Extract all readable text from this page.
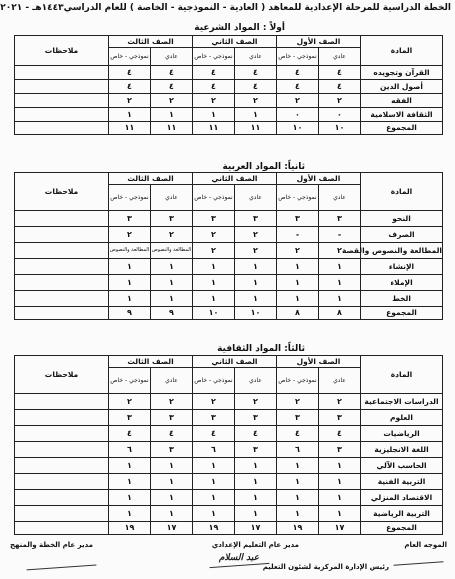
الخطة الدراسية للمرحلة الإعدادية للمعاهد ( العادية - النموذجية - الخاصة ) للعام الدراسي١٤٤٣هـ - ٢٠٢١
أولاً : المواد الشرعية
المادة	الصف الأول		الصف الثاني		الصف الثالث		ملاحظات
	عادي	نموذجي - خاص	عادي	نموذجي - خاص	عادي	نموذجي - خاص	
القرآن وتجويده	٤	٤	٤	٤	٤	٤	
أصول الدين	٤	٤	٤	٤	٤	٤	
الفقه	٢	٢	٢	٢	٢	٢	
الثقافة الاسلامية	٠	٠	١	١	١	١	
المجموع	١٠	١٠	١١	١١	١١	١١	
ثانياً: المواد العربية
المادة	الصف الأول		الصف الثاني		الصف الثالث		ملاحظات
	عادي	نموذجي - خاص	عادي	نموذجي - خاص	عادي	نموذجي - خاص	
النحو	٣	٣	٣	٣	٣	٣	
الصرف	-	-	٢	٢	٢	٢	
المطالعة والنصوص والقصة	٢	٢	٢	٢	المطالعة والنصوص	المطالعة والنصوص	
الإنشاء	١	١	١	١	١	١	
الإملاء	١	١	١	١	١	١	
الخط	١	١	١	١	١	١	
المجموع	٨	٨	١٠	١٠	٩	٩	
ثالثاً: المواد الثقافية
المادة	الصف الأول		الصف الثاني		الصف الثالث		ملاحظات
	عادي	نموذجي - خاص	عادي	نموذجي - خاص	عادي	نموذجي - خاص	
الدراسات الاجتماعية	٢	٢	٢	٢	٢	٢	
العلوم	٣	٣	٣	٣	٣	٣	
الرياضيات	٤	٤	٤	٤	٤	٤	
اللغة الانجليزية	٣	٦	٣	٦	٣	٦	
الحاسب الآلي	١	١	١	١	١	١	
التربية الفنية	١	١	١	١	١	١	
الاقتصاد المنزلي	١	١	١	١	١	١	
التربية الرياضية	١	١	١	١	١	١	
المجموع	١٧	١٩	١٧	١٩	١٧	١٩	
الموجه العام
مدير عام التعليم الإعدادي
مدير عام الخطة والمنهج
رئيس الإدارة المركزية لشئون التعليم
عبد السلام
